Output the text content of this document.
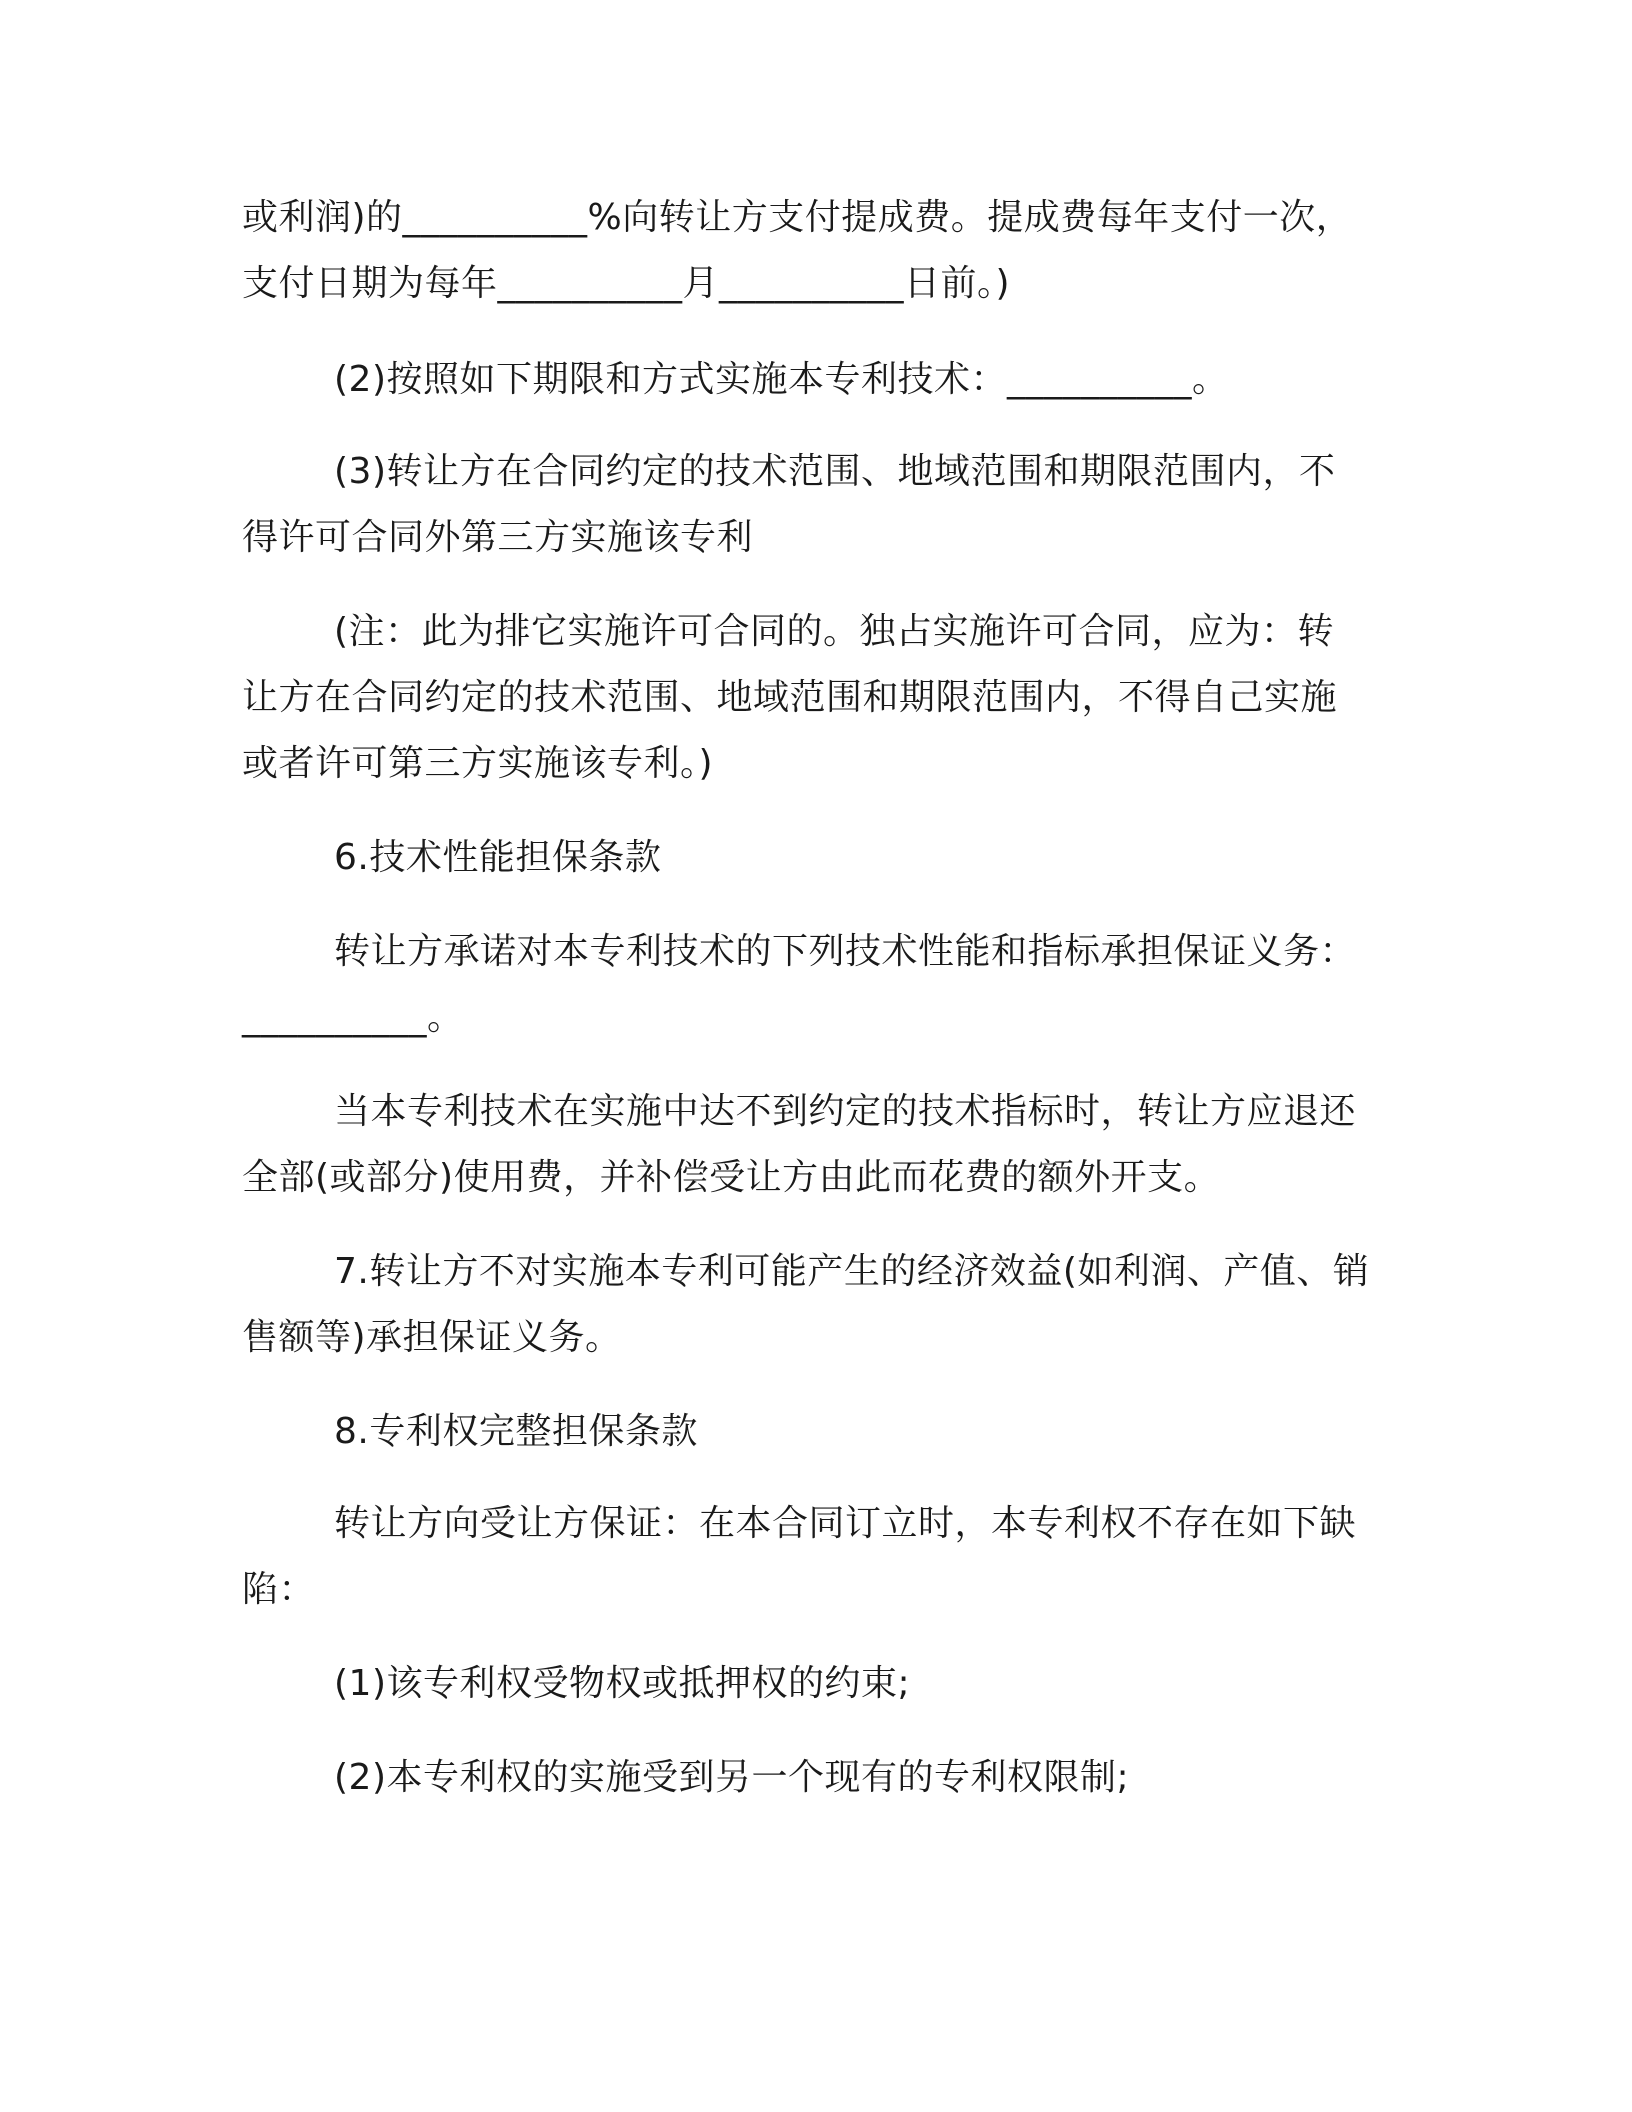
或利润)的__________%向转让方支付提成费。提成费每年支付一次，
支付日期为每年__________月__________日前。)
(2)按照如下期限和方式实施本专利技术：__________。
(3)转让方在合同约定的技术范围、地域范围和期限范围内，不
得许可合同外第三方实施该专利
(注：此为排它实施许可合同的。独占实施许可合同，应为：转
让方在合同约定的技术范围、地域范围和期限范围内，不得自己实施
或者许可第三方实施该专利。)
6.技术性能担保条款
转让方承诺对本专利技术的下列技术性能和指标承担保证义务：
__________。
当本专利技术在实施中达不到约定的技术指标时，转让方应退还
全部(或部分)使用费，并补偿受让方由此而花费的额外开支。
7.转让方不对实施本专利可能产生的经济效益(如利润、产值、销
售额等)承担保证义务。
8.专利权完整担保条款
转让方向受让方保证：在本合同订立时，本专利权不存在如下缺
陷：
(1)该专利权受物权或抵押权的约束;
(2)本专利权的实施受到另一个现有的专利权限制;
